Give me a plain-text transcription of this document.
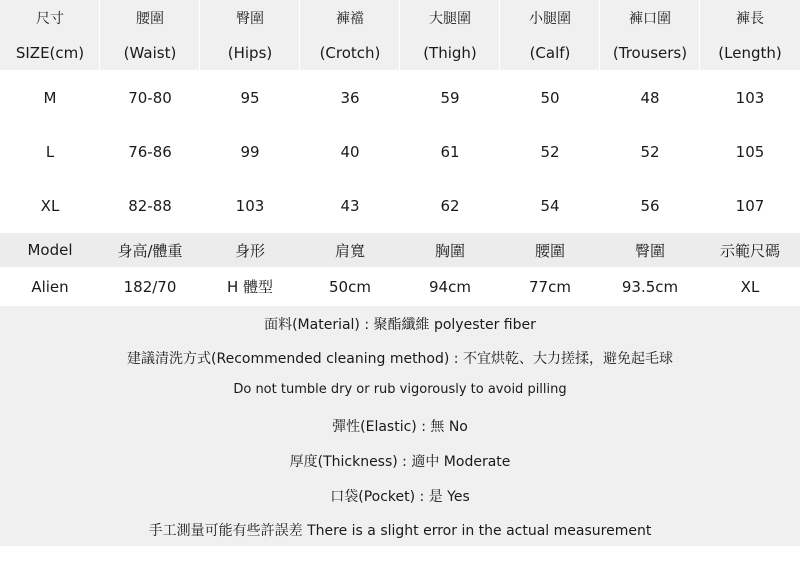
尺寸	腰圍	臀圍	褲襠	大腿圍	小腿圍	褲口圍	褲長
SIZE(cm)	(Waist)	(Hips)	(Crotch)	(Thigh)	(Calf)	(Trousers)	(Length)
M	70-80	95	36	59	50	48	103
L	76-86	99	40	61	52	52	105
XL	82-88	103	43	62	54	56	107
Model	身高/體重	身形	肩寬	胸圍	腰圍	臀圍	示範尺碼
Alien	182/70	H 體型	50cm	94cm	77cm	93.5cm	XL
面料(Material) : 聚酯纖維 polyester fiber
建議清洗方式(Recommended cleaning method) : 不宜烘乾、大力搓揉，避免起毛球
Do not tumble dry or rub vigorously to avoid pilling
彈性(Elastic) : 無 No
厚度(Thickness) : 適中 Moderate
口袋(Pocket) : 是 Yes
手工測量可能有些許誤差 There is a slight error in the actual measurement
